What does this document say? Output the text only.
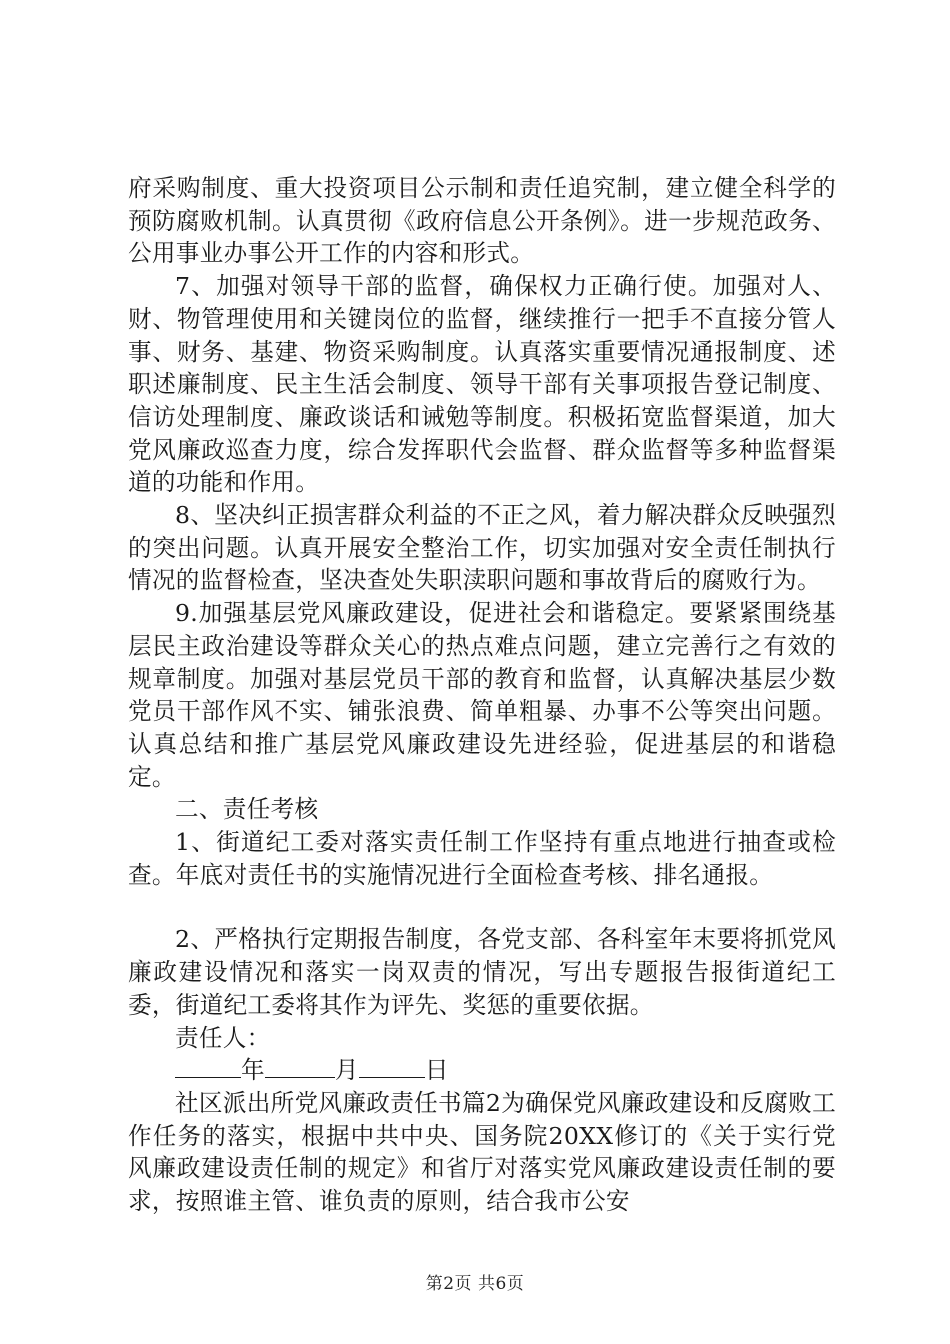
府采购制度、重大投资项目公示制和责任追究制，建立健全科学的预防腐败机制。认真贯彻《政府信息公开条例》。进一步规范政务、公用事业办事公开工作的内容和形式。

7、加强对领导干部的监督，确保权力正确行使。加强对人、财、物管理使用和关键岗位的监督，继续推行一把手不直接分管人事、财务、基建、物资采购制度。认真落实重要情况通报制度、述职述廉制度、民主生活会制度、领导干部有关事项报告登记制度、信访处理制度、廉政谈话和诫勉等制度。积极拓宽监督渠道，加大党风廉政巡查力度，综合发挥职代会监督、群众监督等多种监督渠道的功能和作用。

8、坚决纠正损害群众利益的不正之风，着力解决群众反映强烈的突出问题。认真开展安全整治工作，切实加强对安全责任制执行情况的监督检查，坚决查处失职渎职问题和事故背后的腐败行为。

9.加强基层党风廉政建设，促进社会和谐稳定。要紧紧围绕基层民主政治建设等群众关心的热点难点问题，建立完善行之有效的规章制度。加强对基层党员干部的教育和监督，认真解决基层少数党员干部作风不实、铺张浪费、简单粗暴、办事不公等突出问题。认真总结和推广基层党风廉政建设先进经验，促进基层的和谐稳定。

二、责任考核

1、街道纪工委对落实责任制工作坚持有重点地进行抽查或检查。年底对责任书的实施情况进行全面检查考核、排名通报。

2、严格执行定期报告制度，各党支部、各科室年末要将抓党风廉政建设情况和落实一岗双责的情况，写出专题报告报街道纪工委，街道纪工委将其作为评先、奖惩的重要依据。

责任人：

年	月	日

社区派出所党风廉政责任书篇2为确保党风廉政建设和反腐败工作任务的落实，根据中共中央、国务院20XX修订的《关于实行党风廉政建设责任制的规定》和省厅对落实党风廉政建设责任制的要求，按照谁主管、谁负责的原则，结合我市公安

第2页 共6页
